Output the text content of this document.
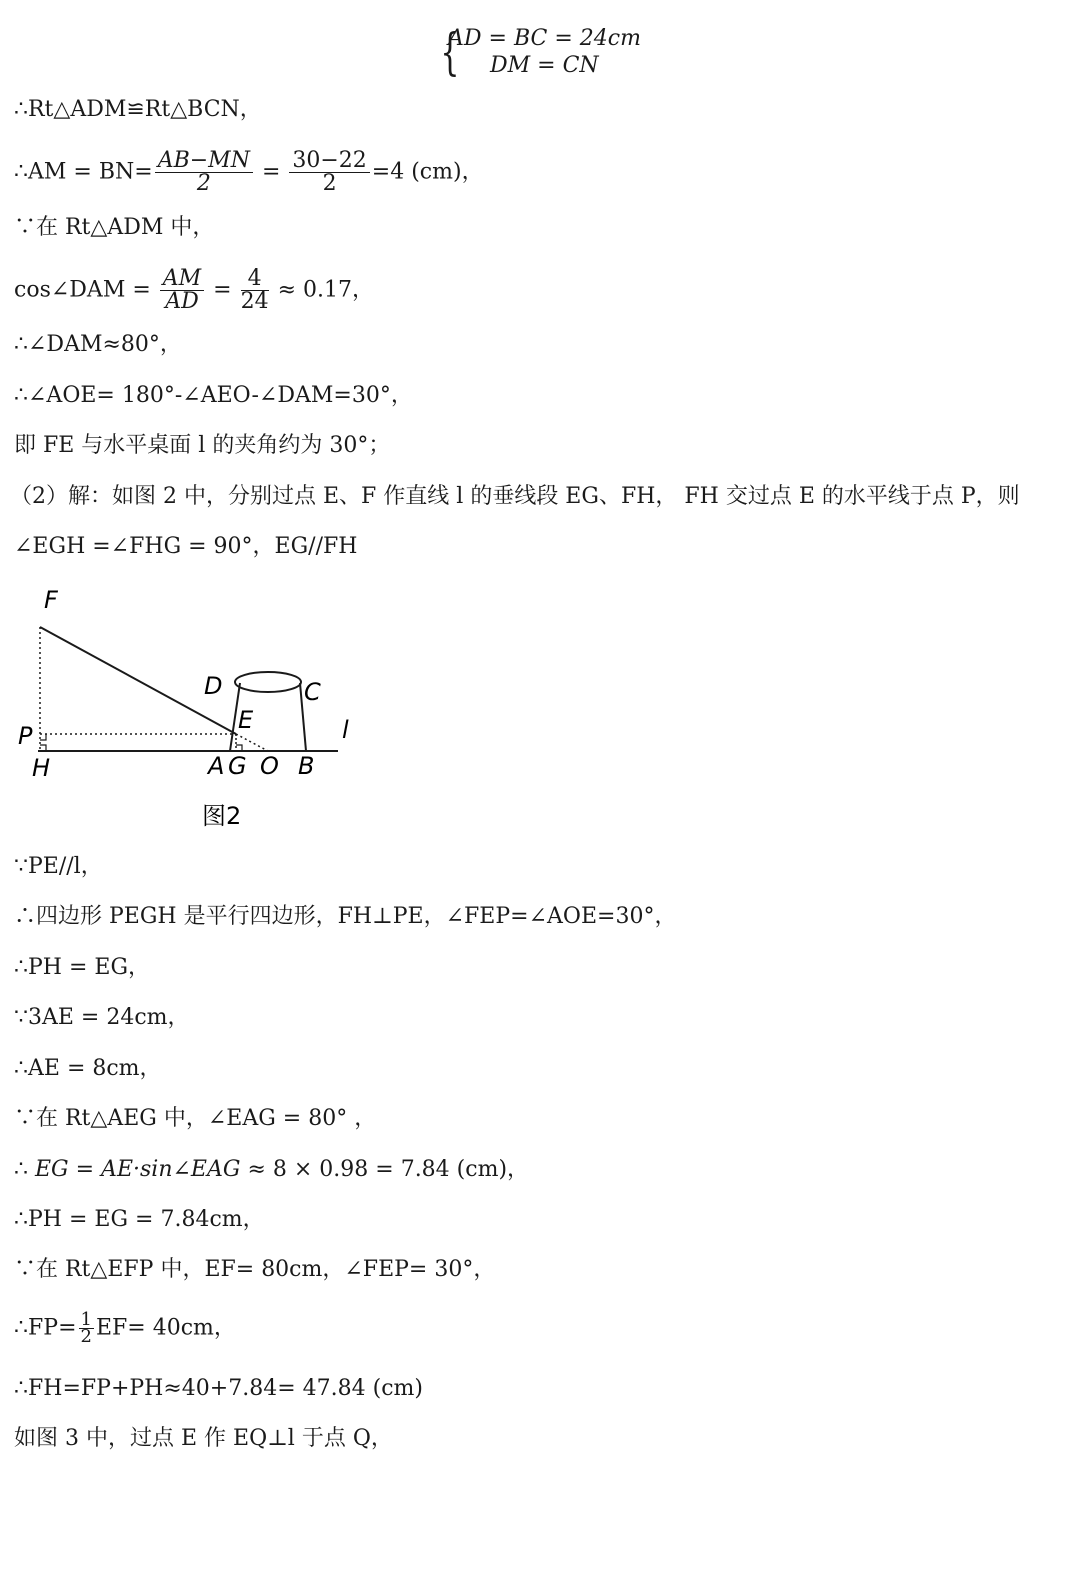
{
AD = BC = 24cm
DM = CN
∴Rt△ADM≌Rt△BCN，
∴AM = $BN= \frac{AB-MN}{2} = \frac{30-22}{2} =4$ (cm)，
∵在 Rt△ADM 中，
cos∠DAM = $\frac{AM}{AD} = \frac{4}{24} \approx 0.17$，
∴∠DAM≈80°，
∴∠AOE= 180°-∠AEO-∠DAM=30°，
即 FE 与水平桌面 l 的夹角约为 30°；
（2）解：如图 2 中，分别过点 E、F 作直线 l 的垂线段 EG、FH， FH 交过点 E 的水平线于点 P，则
∠EGH =∠FHG = 90°，EG//FH
F
D	C
E
P	l
H	A G O B
图2
∵PE//l，
∴四边形 PEGH 是平行四边形，FH⊥PE，∠FEP=∠AOE=30°，
∴PH = EG，
∵3AE = 24cm，
∴AE = 8cm，
∵在 Rt△AEG 中，∠EAG = 80° ，
∴ EG = AE·sin∠EAG ≈ 8 × 0.98 = 7.84 (cm)，
∴PH = EG = 7.84cm，
∵在 Rt△EFP 中，EF= 80cm，∠FEP= 30°，
∴FP= $\frac{1}{2} EF= 40cm$，
∴FH=FP+PH≈40+7.84= 47.84 (cm)
如图 3 中，过点 E 作 EQ⊥l 于点 Q，
